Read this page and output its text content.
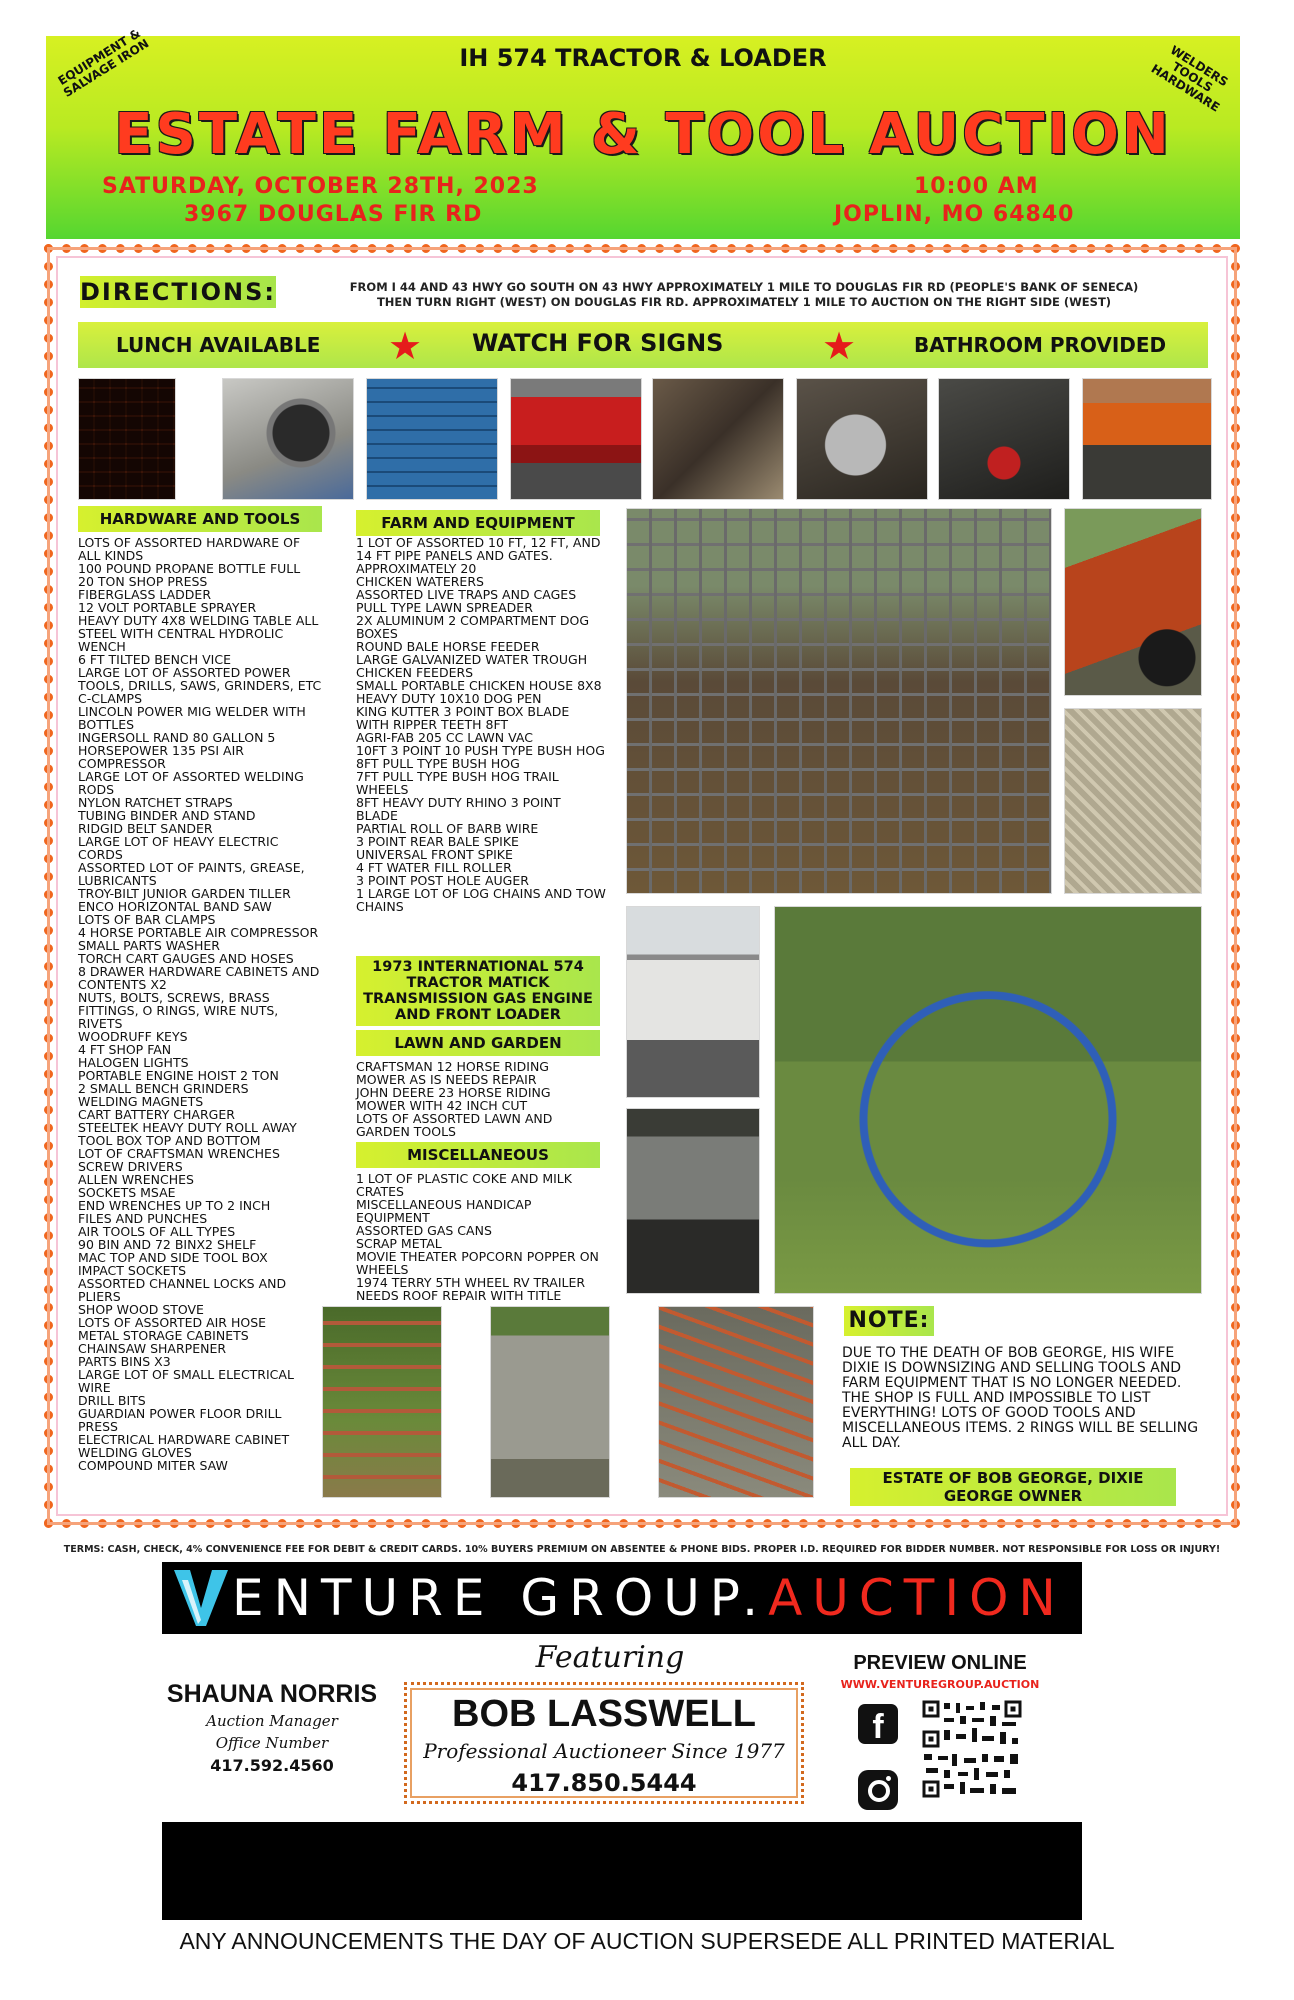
EQUIPMENT & SALVAGE IRON	IH 574 TRACTOR & LOADER	WELDERS TOOLS HARDWARE
ESTATE FARM & TOOL AUCTION
SATURDAY, OCTOBER 28TH, 2023
3967 DOUGLAS FIR RD
10:00 AM
JOPLIN, MO 64840
DIRECTIONS:	FROM I 44 AND 43 HWY GO SOUTH ON 43 HWY APPROXIMATELY 1 MILE TO DOUGLAS FIR RD (PEOPLE'S BANK OF SENECA)
THEN TURN RIGHT (WEST) ON DOUGLAS FIR RD. APPROXIMATELY 1 MILE TO AUCTION ON THE RIGHT SIDE (WEST)
LUNCH AVAILABLE ★ WATCH FOR SIGNS	★	BATHROOM PROVIDED
HARDWARE AND TOOLS
LOTS OF ASSORTED HARDWARE OF ALL KINDS
100 POUND PROPANE BOTTLE FULL
20 TON SHOP PRESS
FIBERGLASS LADDER
12 VOLT PORTABLE SPRAYER
HEAVY DUTY 4X8 WELDING TABLE ALL STEEL WITH CENTRAL HYDROLIC WENCH
6 FT TILTED BENCH VICE
LARGE LOT OF ASSORTED POWER TOOLS, DRILLS, SAWS, GRINDERS, ETC
C-CLAMPS
LINCOLN POWER MIG WELDER WITH BOTTLES
INGERSOLL RAND 80 GALLON 5 HORSEPOWER 135 PSI AIR COMPRESSOR
LARGE LOT OF ASSORTED WELDING RODS
NYLON RATCHET STRAPS
TUBING BINDER AND STAND
RIDGID BELT SANDER
LARGE LOT OF HEAVY ELECTRIC CORDS
ASSORTED LOT OF PAINTS, GREASE, LUBRICANTS
TROY-BILT JUNIOR GARDEN TILLER
ENCO HORIZONTAL BAND SAW
LOTS OF BAR CLAMPS
4 HORSE PORTABLE AIR COMPRESSOR
SMALL PARTS WASHER
TORCH CART GAUGES AND HOSES
8 DRAWER HARDWARE CABINETS AND CONTENTS X2
NUTS, BOLTS, SCREWS, BRASS FITTINGS, O RINGS, WIRE NUTS, RIVETS
WOODRUFF KEYS
4 FT SHOP FAN
HALOGEN LIGHTS
PORTABLE ENGINE HOIST 2 TON
2 SMALL BENCH GRINDERS
WELDING MAGNETS
CART BATTERY CHARGER
STEELTEK HEAVY DUTY ROLL AWAY TOOL BOX TOP AND BOTTOM
LOT OF CRAFTSMAN WRENCHES
SCREW DRIVERS
ALLEN WRENCHES
SOCKETS MSAE
END WRENCHES UP TO 2 INCH
FILES AND PUNCHES
AIR TOOLS OF ALL TYPES
90 BIN AND 72 BINX2 SHELF
MAC TOP AND SIDE TOOL BOX
IMPACT SOCKETS
ASSORTED CHANNEL LOCKS AND PLIERS
SHOP WOOD STOVE
LOTS OF ASSORTED AIR HOSE
METAL STORAGE CABINETS
CHAINSAW SHARPENER
PARTS BINS X3
LARGE LOT OF SMALL ELECTRICAL WIRE
DRILL BITS
GUARDIAN POWER FLOOR DRILL PRESS
ELECTRICAL HARDWARE CABINET
WELDING GLOVES
COMPOUND MITER SAW
FARM AND EQUIPMENT
1 LOT OF ASSORTED 10 FT, 12 FT, AND 14 FT PIPE PANELS AND GATES. APPROXIMATELY 20
CHICKEN WATERERS
ASSORTED LIVE TRAPS AND CAGES
PULL TYPE LAWN SPREADER
2X ALUMINUM 2 COMPARTMENT DOG BOXES
ROUND BALE HORSE FEEDER
LARGE GALVANIZED WATER TROUGH
CHICKEN FEEDERS
SMALL PORTABLE CHICKEN HOUSE 8X8
HEAVY DUTY 10X10 DOG PEN
KING KUTTER 3 POINT BOX BLADE WITH RIPPER TEETH 8FT
AGRI-FAB 205 CC LAWN VAC
10FT 3 POINT 10 PUSH TYPE BUSH HOG
8FT PULL TYPE BUSH HOG
7FT PULL TYPE BUSH HOG TRAIL WHEELS
8FT HEAVY DUTY RHINO 3 POINT BLADE
PARTIAL ROLL OF BARB WIRE
3 POINT REAR BALE SPIKE
UNIVERSAL FRONT SPIKE
4 FT WATER FILL ROLLER
3 POINT POST HOLE AUGER
1 LARGE LOT OF LOG CHAINS AND TOW CHAINS
1973 INTERNATIONAL 574 TRACTOR MATICK TRANSMISSION GAS ENGINE AND FRONT LOADER
LAWN AND GARDEN
CRAFTSMAN 12 HORSE RIDING MOWER AS IS NEEDS REPAIR
JOHN DEERE 23 HORSE RIDING MOWER WITH 42 INCH CUT
LOTS OF ASSORTED LAWN AND GARDEN TOOLS
MISCELLANEOUS
1 LOT OF PLASTIC COKE AND MILK CRATES
MISCELLANEOUS HANDICAP EQUIPMENT
ASSORTED GAS CANS
SCRAP METAL
MOVIE THEATER POPCORN POPPER ON WHEELS
1974 TERRY 5TH WHEEL RV TRAILER NEEDS ROOF REPAIR WITH TITLE
NOTE:
DUE TO THE DEATH OF BOB GEORGE, HIS WIFE DIXIE IS DOWNSIZING AND SELLING TOOLS AND FARM EQUIPMENT THAT IS NO LONGER NEEDED. THE SHOP IS FULL AND IMPOSSIBLE TO LIST EVERYTHING! LOTS OF GOOD TOOLS AND MISCELLANEOUS ITEMS. 2 RINGS WILL BE SELLING ALL DAY.
ESTATE OF BOB GEORGE, DIXIE GEORGE OWNER
TERMS: CASH, CHECK, 4% CONVENIENCE FEE FOR DEBIT & CREDIT CARDS. 10% BUYERS PREMIUM ON ABSENTEE & PHONE BIDS. PROPER I.D. REQUIRED FOR BIDDER NUMBER. NOT RESPONSIBLE FOR LOSS OR INJURY!
ENTURE GROUP.AUCTION
SHAUNA NORRIS
Auction Manager
Office Number
417.592.4560
Featuring
BOB LASSWELL
Professional Auctioneer Since 1977
417.850.5444
PREVIEW ONLINE
WWW.VENTUREGROUP.AUCTION
f
ANY ANNOUNCEMENTS THE DAY OF AUCTION SUPERSEDE ALL PRINTED MATERIAL
